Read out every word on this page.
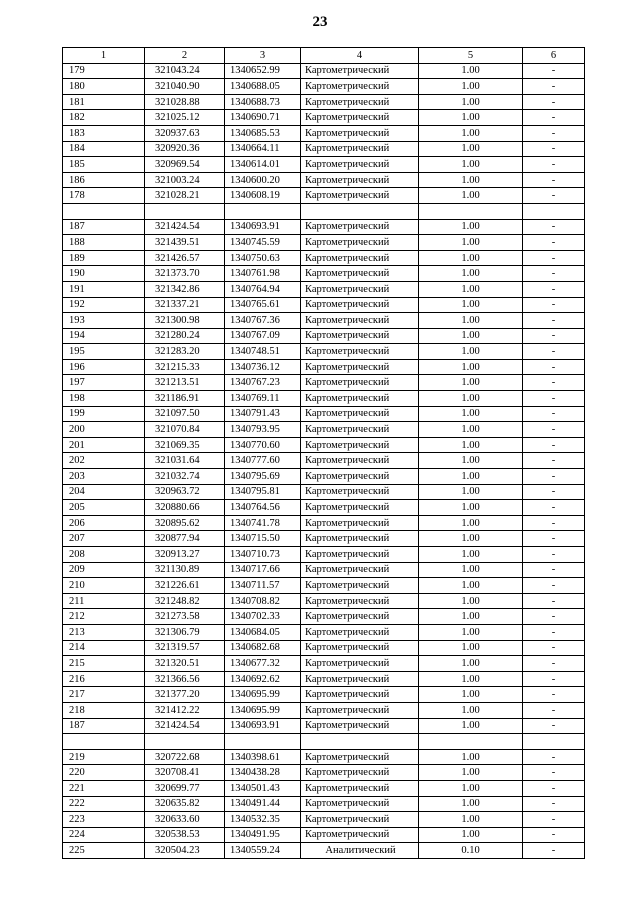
23
1	2	3	4	5	6
179	321043.24	1340652.99	Картометрический	1.00	-
180	321040.90	1340688.05	Картометрический	1.00	-
181	321028.88	1340688.73	Картометрический	1.00	-
182	321025.12	1340690.71	Картометрический	1.00	-
183	320937.63	1340685.53	Картометрический	1.00	-
184	320920.36	1340664.11	Картометрический	1.00	-
185	320969.54	1340614.01	Картометрический	1.00	-
186	321003.24	1340600.20	Картометрический	1.00	-
178	321028.21	1340608.19	Картометрический	1.00	-

187	321424.54	1340693.91	Картометрический	1.00	-
188	321439.51	1340745.59	Картометрический	1.00	-
189	321426.57	1340750.63	Картометрический	1.00	-
190	321373.70	1340761.98	Картометрический	1.00	-
191	321342.86	1340764.94	Картометрический	1.00	-
192	321337.21	1340765.61	Картометрический	1.00	-
193	321300.98	1340767.36	Картометрический	1.00	-
194	321280.24	1340767.09	Картометрический	1.00	-
195	321283.20	1340748.51	Картометрический	1.00	-
196	321215.33	1340736.12	Картометрический	1.00	-
197	321213.51	1340767.23	Картометрический	1.00	-
198	321186.91	1340769.11	Картометрический	1.00	-
199	321097.50	1340791.43	Картометрический	1.00	-
200	321070.84	1340793.95	Картометрический	1.00	-
201	321069.35	1340770.60	Картометрический	1.00	-
202	321031.64	1340777.60	Картометрический	1.00	-
203	321032.74	1340795.69	Картометрический	1.00	-
204	320963.72	1340795.81	Картометрический	1.00	-
205	320880.66	1340764.56	Картометрический	1.00	-
206	320895.62	1340741.78	Картометрический	1.00	-
207	320877.94	1340715.50	Картометрический	1.00	-
208	320913.27	1340710.73	Картометрический	1.00	-
209	321130.89	1340717.66	Картометрический	1.00	-
210	321226.61	1340711.57	Картометрический	1.00	-
211	321248.82	1340708.82	Картометрический	1.00	-
212	321273.58	1340702.33	Картометрический	1.00	-
213	321306.79	1340684.05	Картометрический	1.00	-
214	321319.57	1340682.68	Картометрический	1.00	-
215	321320.51	1340677.32	Картометрический	1.00	-
216	321366.56	1340692.62	Картометрический	1.00	-
217	321377.20	1340695.99	Картометрический	1.00	-
218	321412.22	1340695.99	Картометрический	1.00	-
187	321424.54	1340693.91	Картометрический	1.00	-

219	320722.68	1340398.61	Картометрический	1.00	-
220	320708.41	1340438.28	Картометрический	1.00	-
221	320699.77	1340501.43	Картометрический	1.00	-
222	320635.82	1340491.44	Картометрический	1.00	-
223	320633.60	1340532.35	Картометрический	1.00	-
224	320538.53	1340491.95	Картометрический	1.00	-
225	320504.23	1340559.24	Аналитический	0.10	-
